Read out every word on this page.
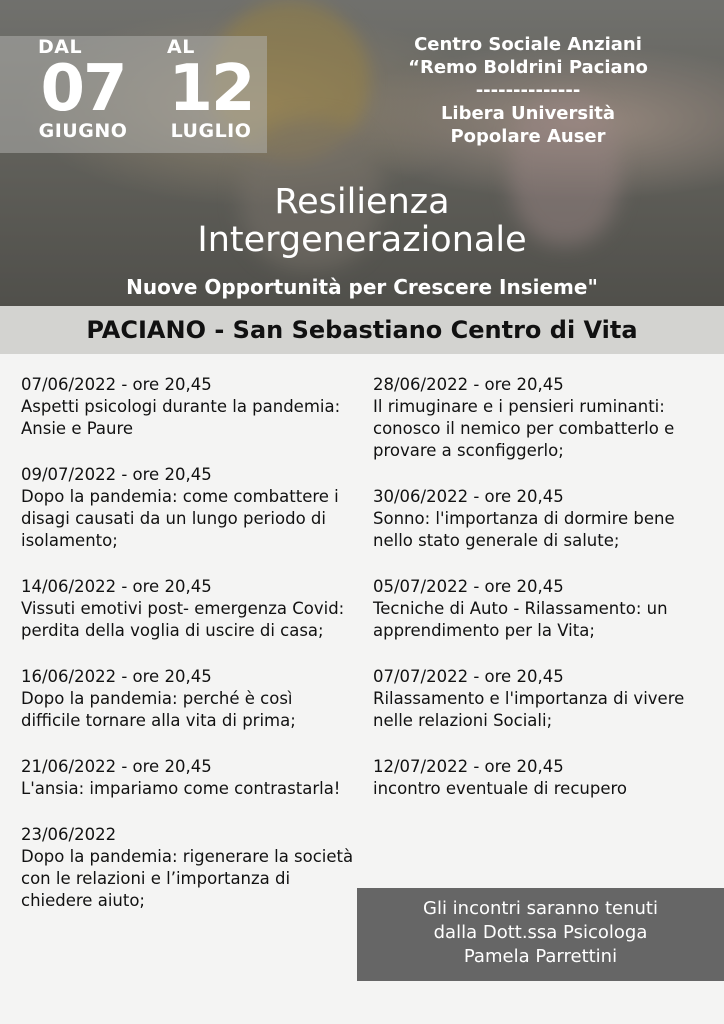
DAL
07
GIUGNO
AL
12
LUGLIO
Centro Sociale Anziani
“Remo Boldrini Paciano
--------------
Libera Università
Popolare Auser
Resilienza
Intergenerazionale
Nuove Opportunità per Crescere Insieme"
PACIANO - San Sebastiano Centro di Vita
07/06/2022 - ore 20,45
Aspetti psicologi durante la pandemia: Ansie e Paure
09/07/2022 - ore 20,45
Dopo la pandemia: come combattere i disagi causati da un lungo periodo di isolamento;
14/06/2022 - ore 20,45
Vissuti emotivi post- emergenza Covid: perdita della voglia di uscire di casa;
16/06/2022 - ore 20,45
Dopo la pandemia: perché è così difficile tornare alla vita di prima;
21/06/2022 - ore 20,45
L'ansia: impariamo come contrastarla!
23/06/2022
Dopo la pandemia: rigenerare la società con le relazioni e l’importanza di chiedere aiuto;
28/06/2022 - ore 20,45
Il rimuginare e i pensieri ruminanti: conosco il nemico per combatterlo e provare a sconfiggerlo;
30/06/2022 - ore 20,45
Sonno: l'importanza di dormire bene nello stato generale di salute;
05/07/2022 - ore 20,45
Tecniche di Auto - Rilassamento: un apprendimento per la Vita;
07/07/2022 - ore 20,45
Rilassamento e l'importanza di vivere nelle relazioni Sociali;
12/07/2022 - ore 20,45
incontro eventuale di recupero
Gli incontri saranno tenuti
dalla Dott.ssa Psicologa
Pamela Parrettini
